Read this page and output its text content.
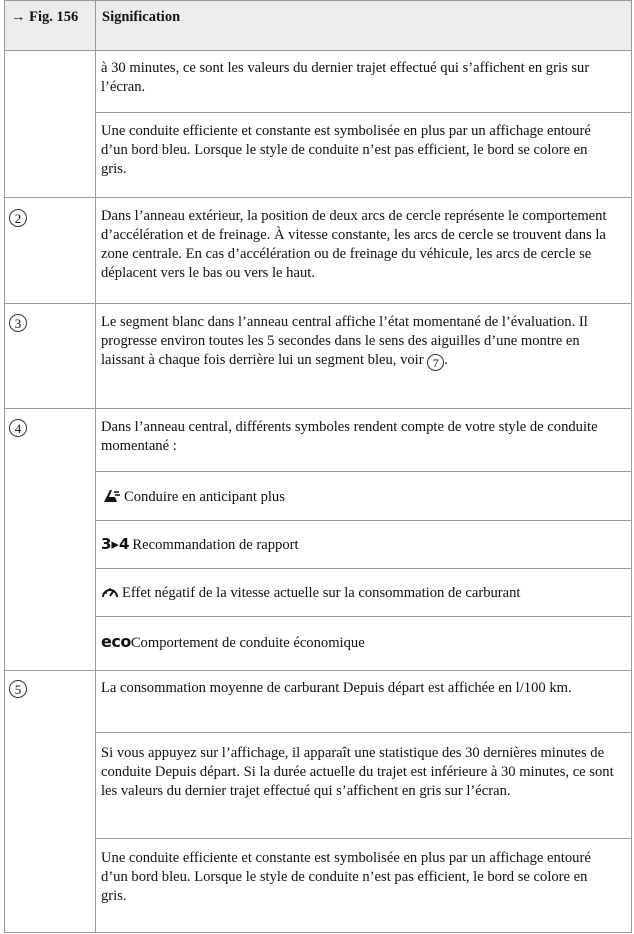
→ Fig. 156 Signification
à 30 minutes, ce sont les valeurs du dernier trajet effectué qui s’affichent en gris sur l’écran.
Une conduite efficiente et constante est symbolisée en plus par un affichage entouré d’un bord bleu. Lorsque le style de conduite n’est pas efficient, le bord se colore en gris.
2	Dans l’anneau extérieur, la position de deux arcs de cercle représente le comportement d’accélération et de freinage. À vitesse constante, les arcs de cercle se trouvent dans la zone centrale. En cas d’accélération ou de freinage du véhicule, les arcs de cercle se déplacent vers le bas ou vers le haut.
3	Le segment blanc dans l’anneau central affiche l’état momentané de l’évaluation. Il progresse environ toutes les 5 secondes dans le sens des aiguilles d’une montre en laissant à chaque fois derrière lui un segment bleu, voir 7 .
4	Dans l’anneau central, différents symboles rendent compte de votre style de conduite momentané :
Conduire en anticipant plus
3▸4 Recommandation de rapport
Effet négatif de la vitesse actuelle sur la consommation de carburant
ecoComportement de conduite économique
5	La consommation moyenne de carburant Depuis départ est affichée en l/100 km.
Si vous appuyez sur l’affichage, il apparaît une statistique des 30 dernières minutes de conduite Depuis départ. Si la durée actuelle du trajet est inférieure à 30 minutes, ce sont les valeurs du dernier trajet effectué qui s’affichent en gris sur l’écran.
Une conduite efficiente et constante est symbolisée en plus par un affichage entouré d’un bord bleu. Lorsque le style de conduite n’est pas efficient, le bord se colore en gris.
